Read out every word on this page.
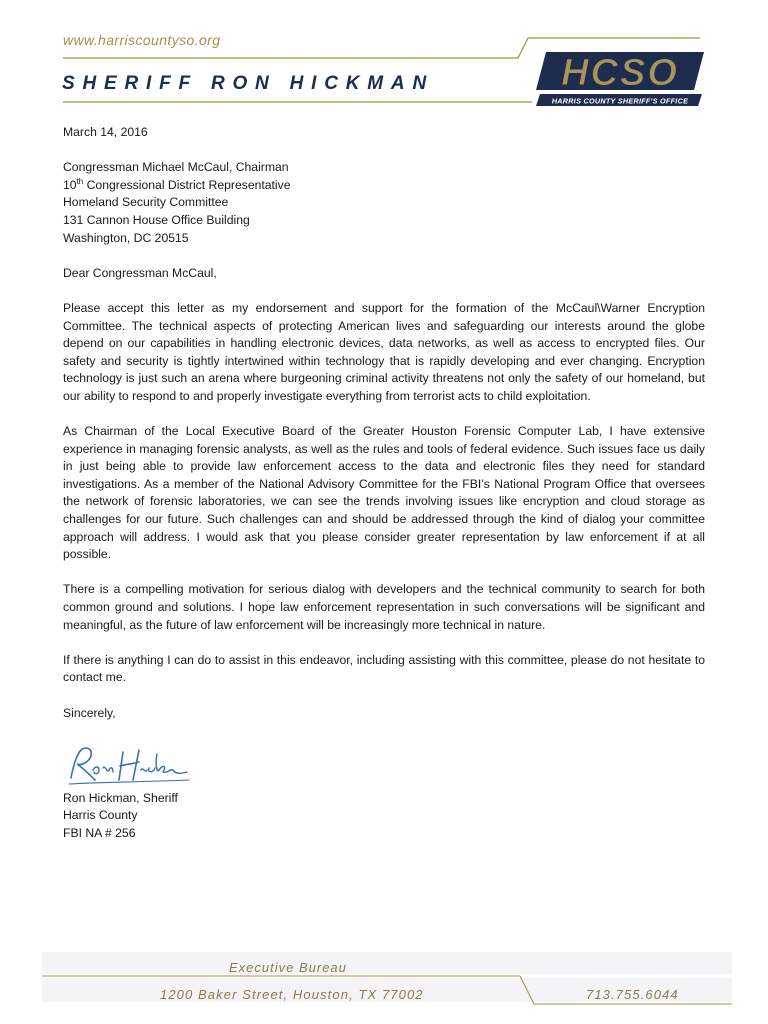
www.harriscountyso.org
SHERIFF RON HICKMAN	HCSO
HARRIS COUNTY SHERIFF'S OFFICE

March 14, 2016

Congressman Michael McCaul, Chairman
10th Congressional District Representative
Homeland Security Committee
131 Cannon House Office Building
Washington, DC 20515

Dear Congressman McCaul,

Please accept this letter as my endorsement and support for the formation of the McCaul\Warner Encryption Committee. The technical aspects of protecting American lives and safeguarding our interests around the globe depend on our capabilities in handling electronic devices, data networks, as well as access to encrypted files. Our safety and security is tightly intertwined within technology that is rapidly developing and ever changing. Encryption technology is just such an arena where burgeoning criminal activity threatens not only the safety of our homeland, but our ability to respond to and properly investigate everything from terrorist acts to child exploitation.

As Chairman of the Local Executive Board of the Greater Houston Forensic Computer Lab, I have extensive experience in managing forensic analysts, as well as the rules and tools of federal evidence. Such issues face us daily in just being able to provide law enforcement access to the data and electronic files they need for standard investigations. As a member of the National Advisory Committee for the FBI’s National Program Office that oversees the network of forensic laboratories, we can see the trends involving issues like encryption and cloud storage as challenges for our future. Such challenges can and should be addressed through the kind of dialog your committee approach will address. I would ask that you please consider greater representation by law enforcement if at all possible.

There is a compelling motivation for serious dialog with developers and the technical community to search for both common ground and solutions. I hope law enforcement representation in such conversations will be significant and meaningful, as the future of law enforcement will be increasingly more technical in nature.

If there is anything I can do to assist in this endeavor, including assisting with this committee, please do not hesitate to contact me.

Sincerely,

Ron Hickman, Sheriff
Harris County
FBI NA # 256
Executive Bureau
1200 Baker Street, Houston, TX 77002	713.755.6044
